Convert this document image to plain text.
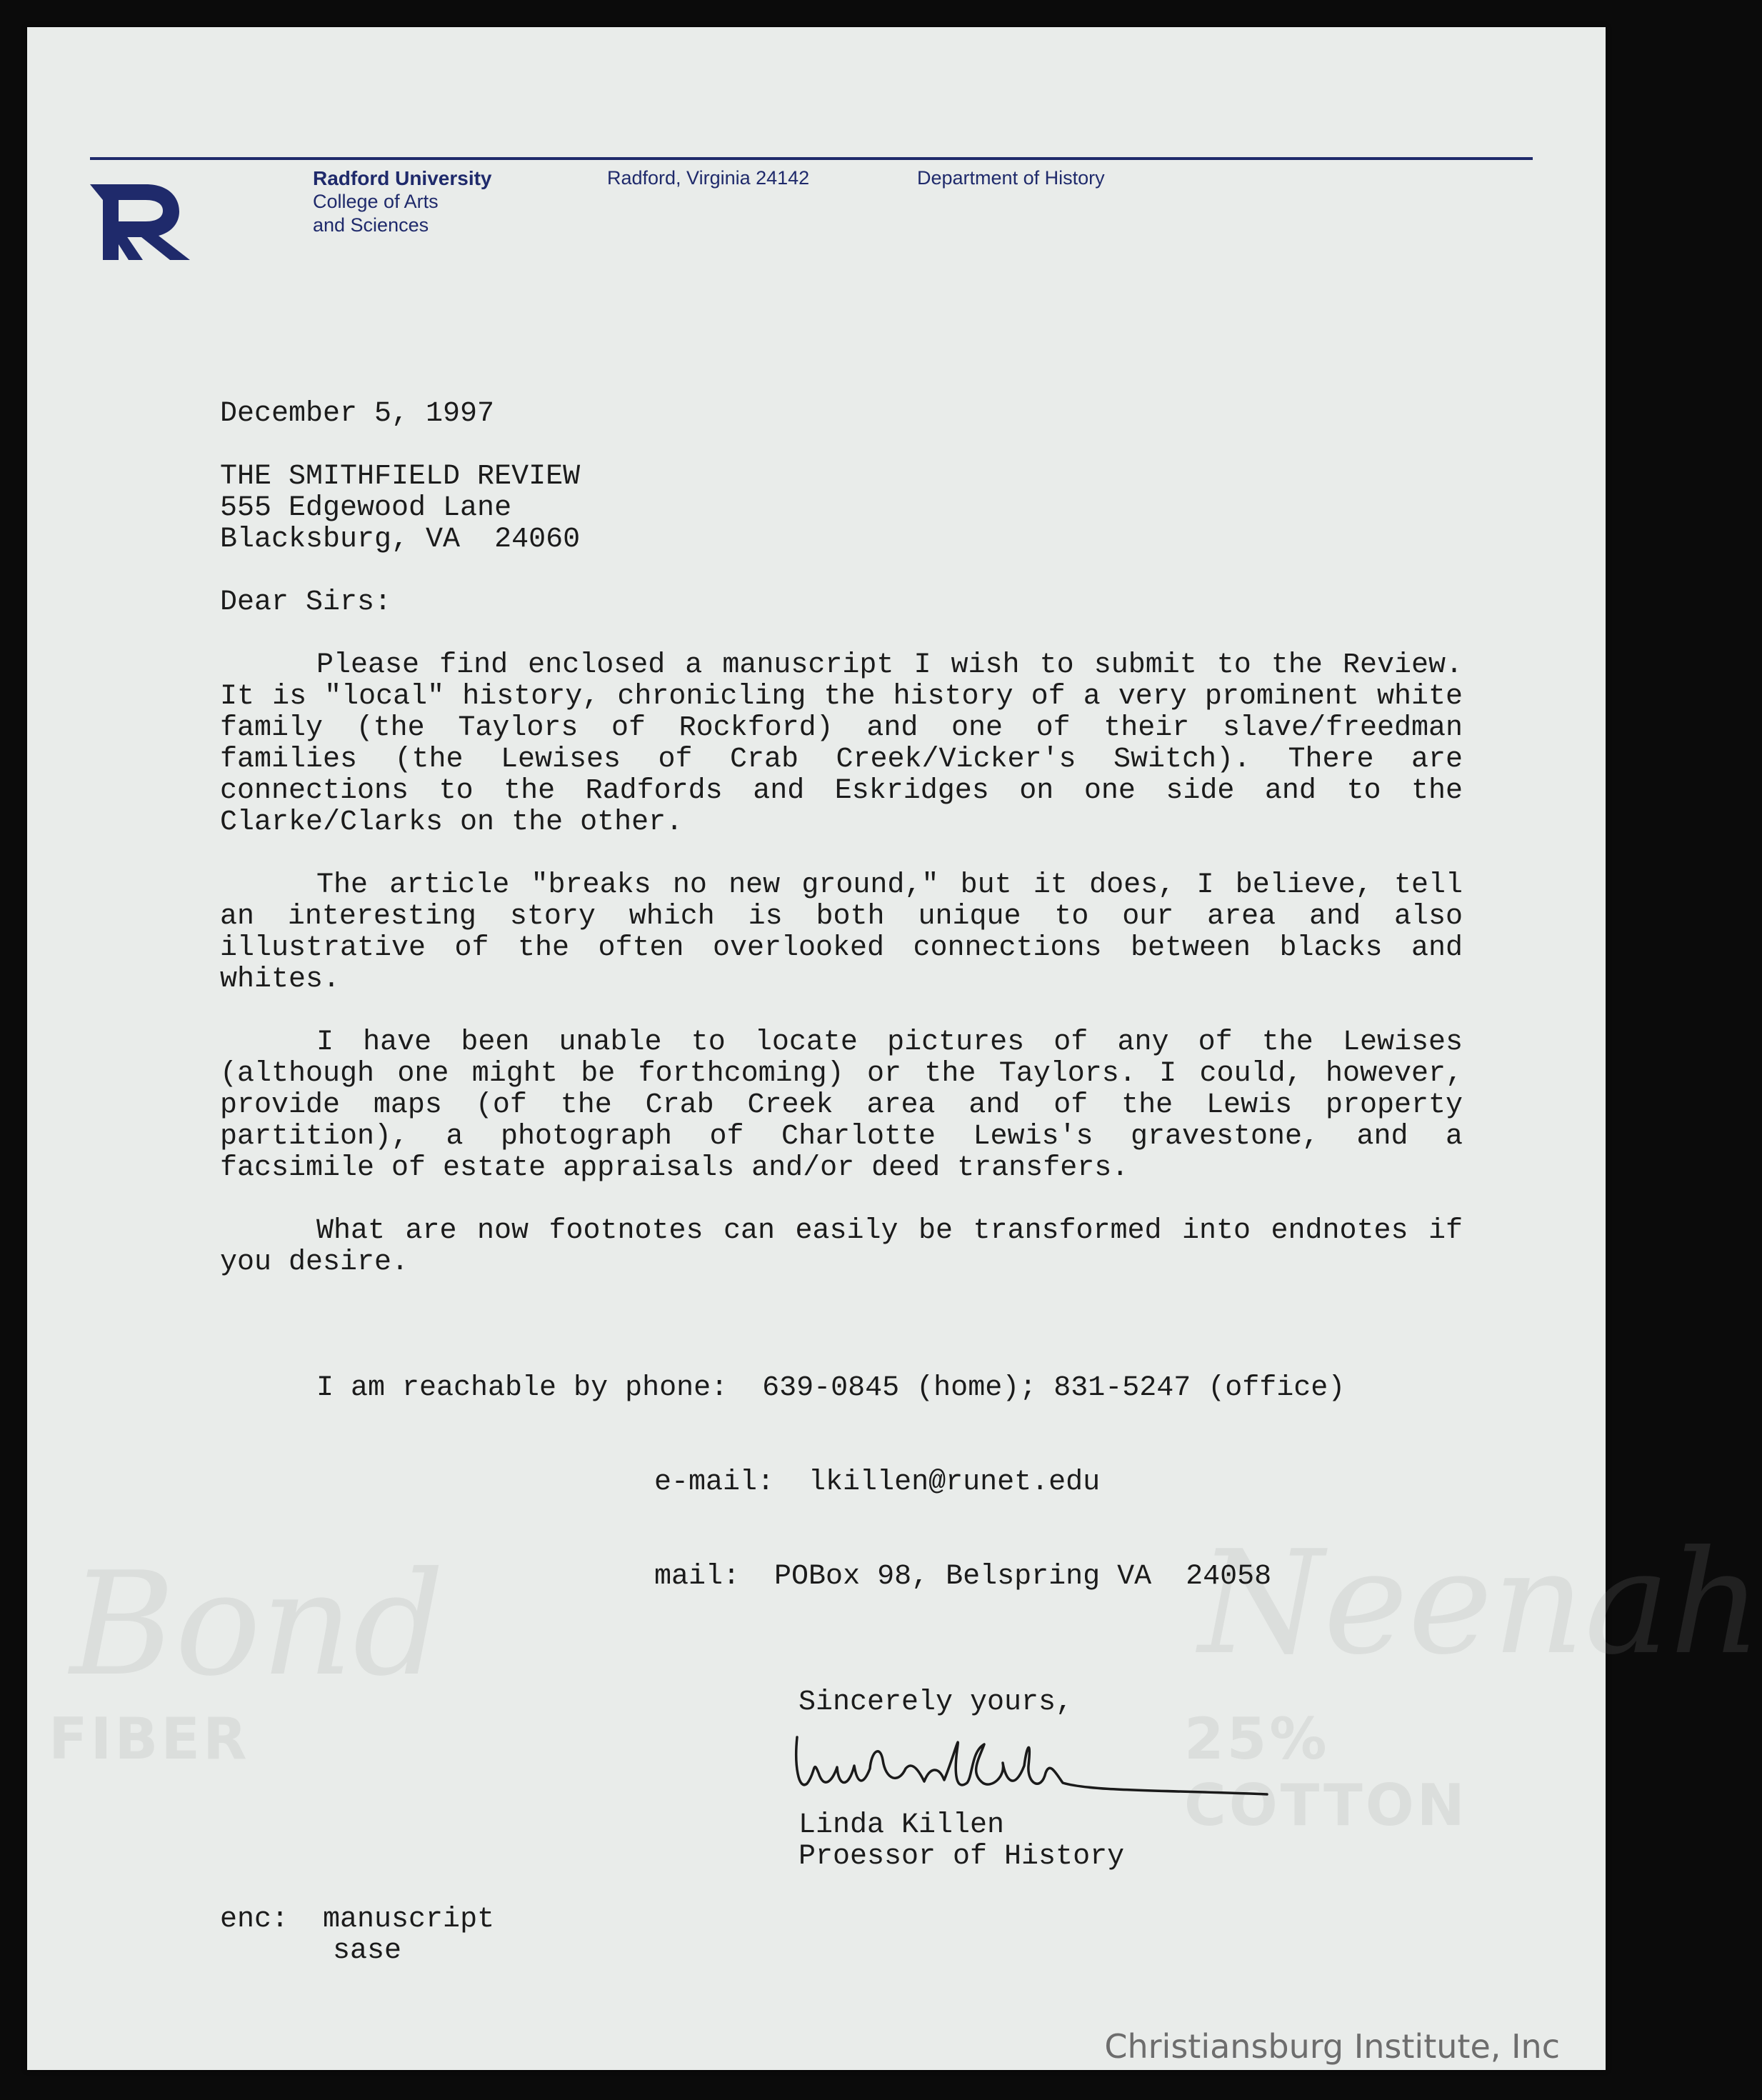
Bond
FIBER
Neenah
25% COTTON
Radford University
College of Arts
and Sciences
Radford, Virginia 24142	Department of History
December 5, 1997
THE SMITHFIELD REVIEW
555 Edgewood Lane
Blacksburg, VA  24060
Dear Sirs:
Please find enclosed a manuscript I wish to submit to the Review. It is "local" history, chronicling the history of a very prominent white family (the Taylors of Rockford) and one of their slave/freedman families (the Lewises of Crab Creek/Vicker's Switch). There are connections to the Radfords and Eskridges on one side and to the Clarke/Clarks on the other.
The article "breaks no new ground," but it does, I believe, tell an interesting story which is both unique to our area and also illustrative of the often overlooked connections between blacks and whites.
I have been unable to locate pictures of any of the Lewises (although one might be forthcoming) or the Taylors. I could, however, provide maps (of the Crab Creek area and of the Lewis property partition), a photograph of Charlotte Lewis's gravestone, and a facsimile of estate appraisals and/or deed transfers.
What are now footnotes can easily be transformed into endnotes if you desire.

I am reachable by phone: 639-0845 (home); 831-5247 (office)

e-mail: lkillen@runet.edu

mail: POBox 98, Belspring VA  24058

Sincerely yours,
Linda Killen
Proessor of History
enc: manuscript
sase
Christiansburg Institute, Inc
